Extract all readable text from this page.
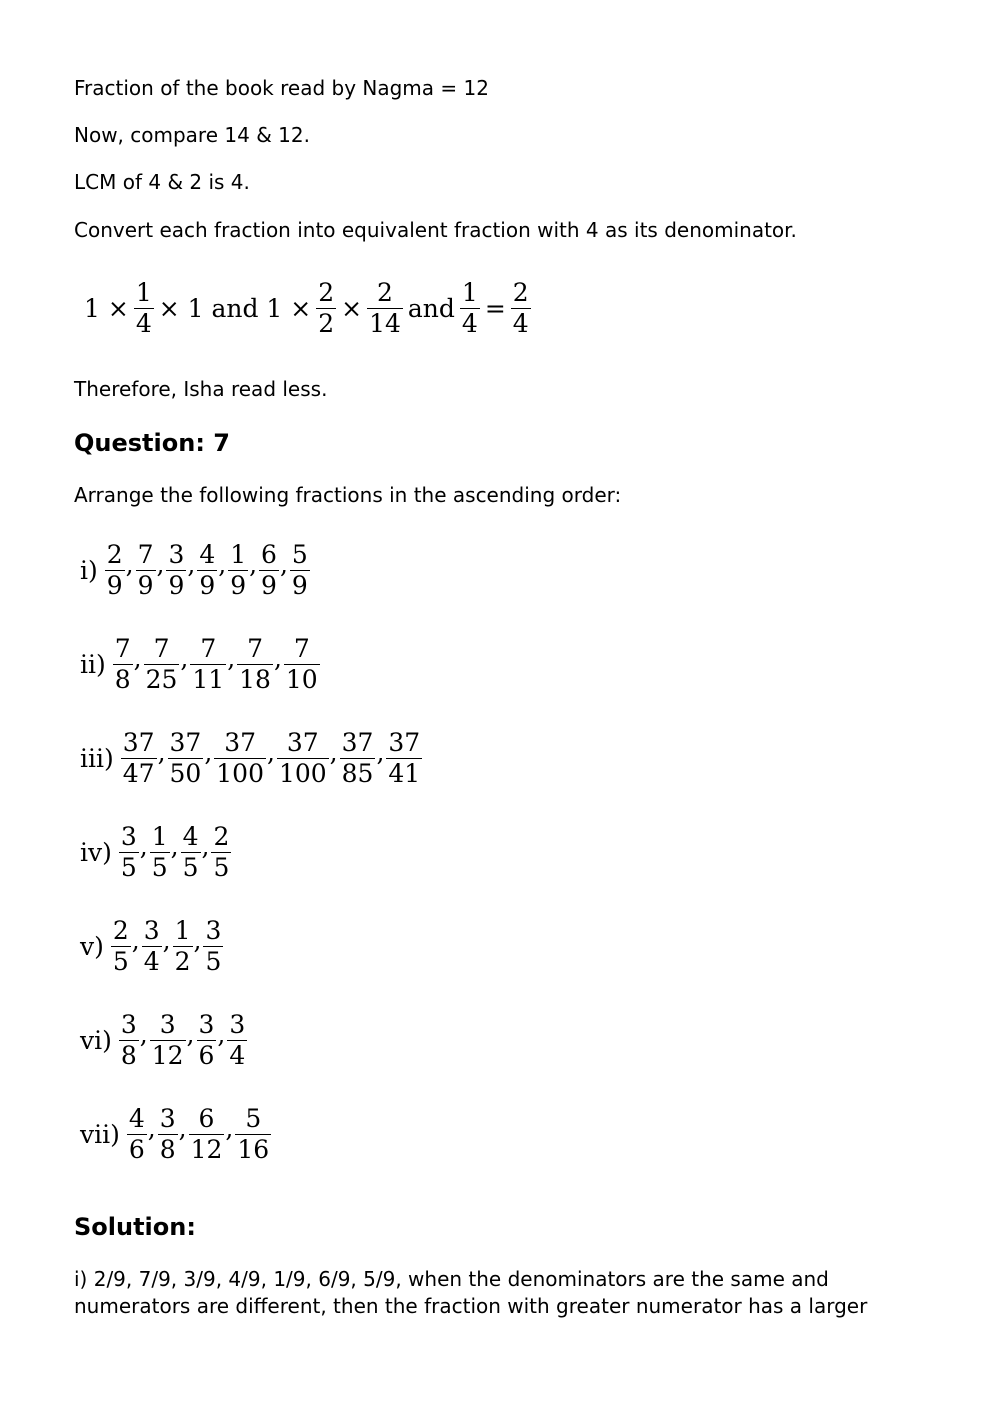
Fraction of the book read by Nagma = 12
Now, compare 14 & 12.
LCM of 4 & 2 is 4.
Convert each fraction into equivalent fraction with 4 as its denominator.
$1 \times \frac{1}{4} \times 1$ and $1 \times \frac{2}{2} \times \frac{2}{14}$ and $\frac{1}{4} = \frac{2}{4}$
Therefore, Isha read less.
Question: 7
Arrange the following fractions in the ascending order:
$i) \frac{2}{9}$ , $\frac{7}{9}$ , $\frac{3}{9}$ , $\frac{4}{9}$ , $\frac{1}{9}$ , $\frac{6}{9}$ , $\frac{5}{9}$
$ii) \frac{7}{8}$ , $\frac{7}{25}$ , $\frac{7}{11}$ , $\frac{7}{18}$ , $\frac{7}{10}$
$iii) \frac{37}{47}$ , $\frac{37}{50}$ , $\frac{37}{100}$ , $\frac{37}{100}$ , $\frac{37}{85}$ , $\frac{37}{41}$
$iv) \frac{3}{5}$ , $\frac{1}{5}$ , $\frac{4}{5}$ , $\frac{2}{5}$
$v) \frac{2}{5}$ , $\frac{3}{4}$ , $\frac{1}{2}$ , $\frac{3}{5}$
$vi) \frac{3}{8}$ , $\frac{3}{12}$ , $\frac{3}{6}$ , $\frac{3}{4}$
$vii) \frac{4}{6}$ , $\frac{3}{8}$ , $\frac{6}{12}$ , $\frac{5}{16}$
Solution:
i) 2/9, 7/9, 3/9, 4/9, 1/9, 6/9, 5/9, when the denominators are the same and numerators are different, then the fraction with greater numerator has a larger
